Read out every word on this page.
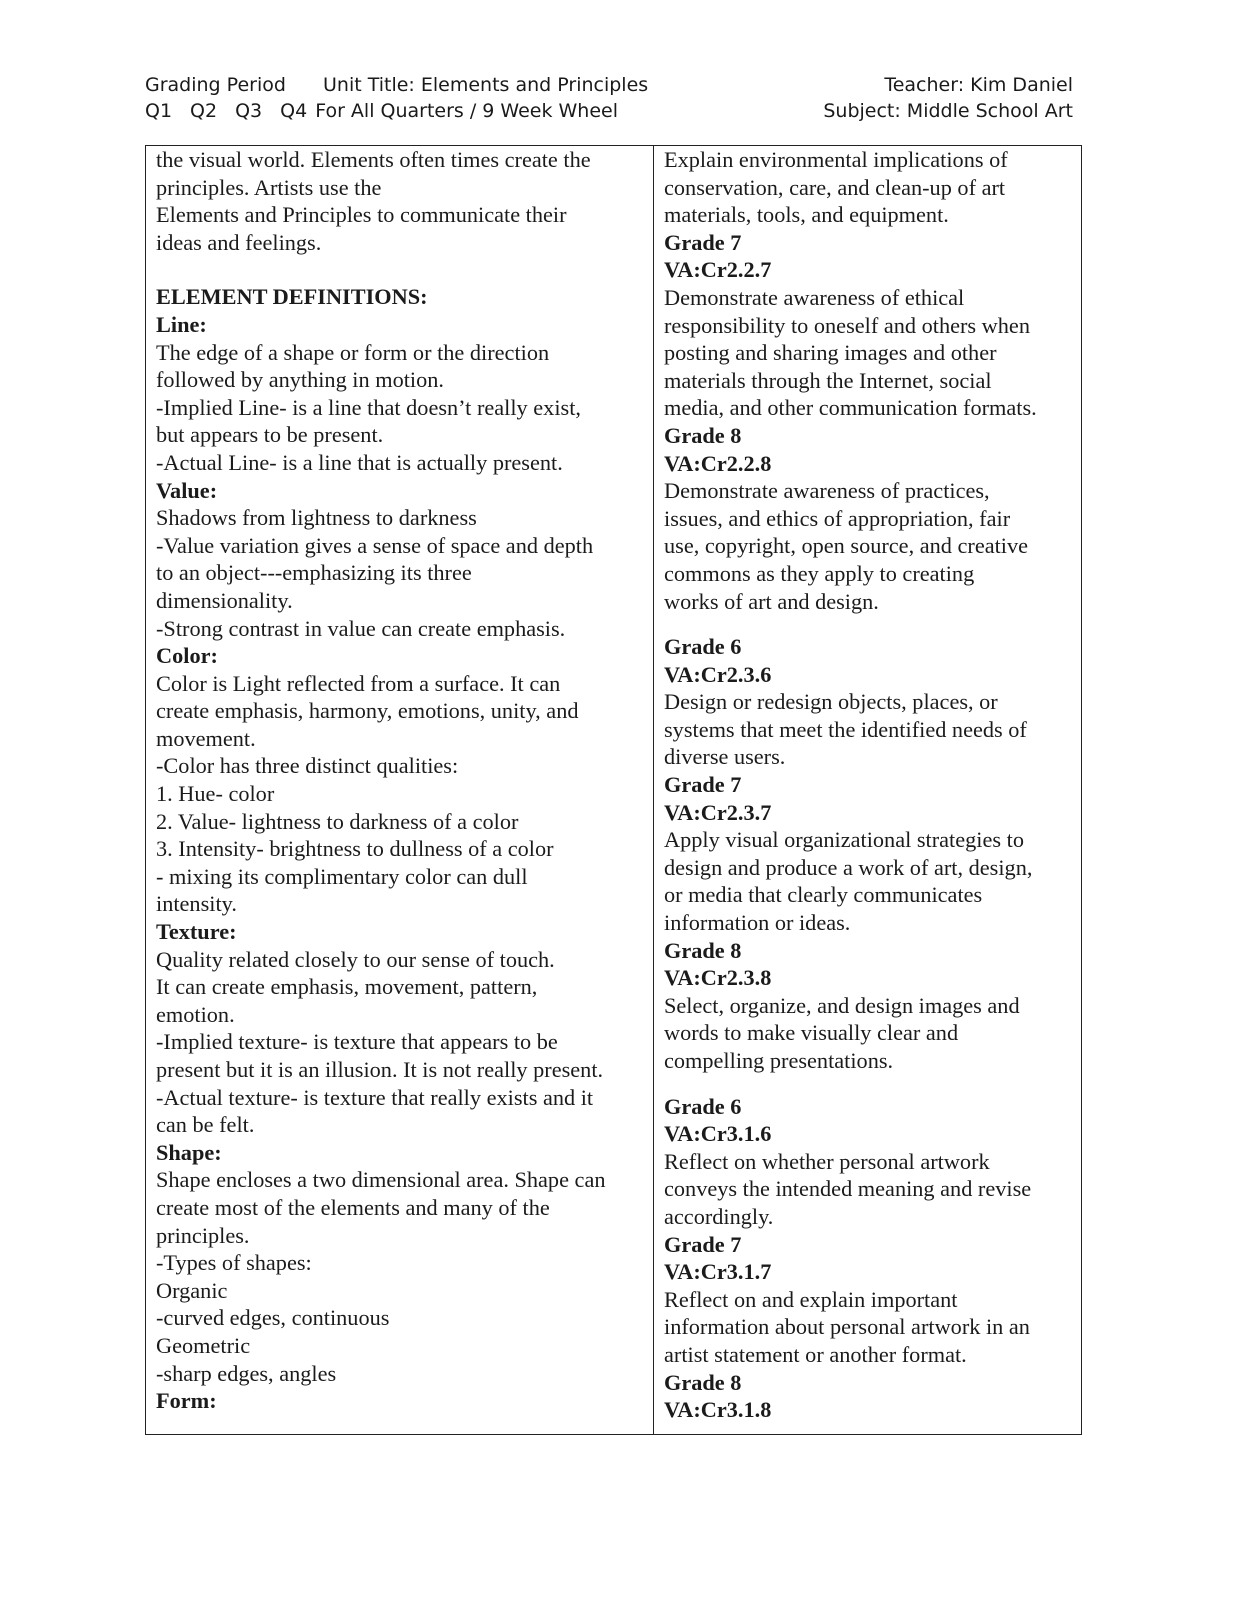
Grading Period Unit Title: Elements and Principles	Teacher: Kim Daniel
Q1 Q2 Q3 Q4 For All Quarters / 9 Week Wheel	Subject: Middle School Art
the visual world. Elements often times create the
principles. Artists use the
Elements and Principles to communicate their
ideas and feelings.
ELEMENT DEFINITIONS:
Line:
The edge of a shape or form or the direction
followed by anything in motion.
-Implied Line- is a line that doesn’t really exist,
but appears to be present.
-Actual Line- is a line that is actually present.
Value:
Shadows from lightness to darkness
-Value variation gives a sense of space and depth
to an object---emphasizing its three
dimensionality.
-Strong contrast in value can create emphasis.
Color:
Color is Light reflected from a surface. It can
create emphasis, harmony, emotions, unity, and
movement.
-Color has three distinct qualities:
1. Hue- color
2. Value- lightness to darkness of a color
3. Intensity- brightness to dullness of a color
- mixing its complimentary color can dull
intensity.
Texture:
Quality related closely to our sense of touch.
It can create emphasis, movement, pattern,
emotion.
-Implied texture- is texture that appears to be
present but it is an illusion. It is not really present.
-Actual texture- is texture that really exists and it
can be felt.
Shape:
Shape encloses a two dimensional area. Shape can
create most of the elements and many of the
principles.
-Types of shapes:
Organic
-curved edges, continuous
Geometric
-sharp edges, angles
Form:
Explain environmental implications of
conservation, care, and clean-up of art
materials, tools, and equipment.
Grade 7
VA:Cr2.2.7
Demonstrate awareness of ethical
responsibility to oneself and others when
posting and sharing images and other
materials through the Internet, social
media, and other communication formats.
Grade 8
VA:Cr2.2.8
Demonstrate awareness of practices,
issues, and ethics of appropriation, fair
use, copyright, open source, and creative
commons as they apply to creating
works of art and design.
Grade 6
VA:Cr2.3.6
Design or redesign objects, places, or
systems that meet the identified needs of
diverse users.
Grade 7
VA:Cr2.3.7
Apply visual organizational strategies to
design and produce a work of art, design,
or media that clearly communicates
information or ideas.
Grade 8
VA:Cr2.3.8
Select, organize, and design images and
words to make visually clear and
compelling presentations.
Grade 6
VA:Cr3.1.6
Reflect on whether personal artwork
conveys the intended meaning and revise
accordingly.
Grade 7
VA:Cr3.1.7
Reflect on and explain important
information about personal artwork in an
artist statement or another format.
Grade 8
VA:Cr3.1.8
